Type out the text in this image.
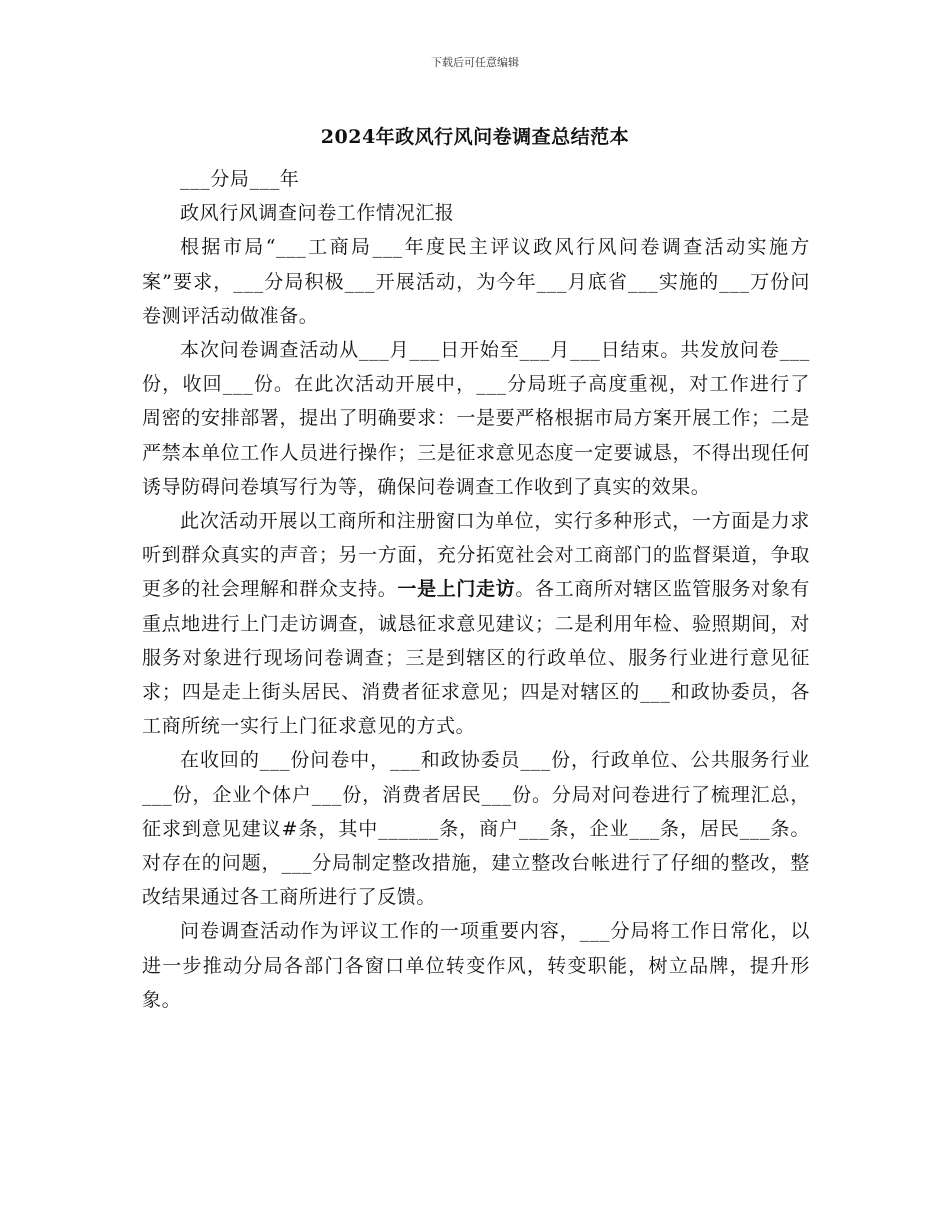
下载后可任意编辑
2024年政风行风问卷调查总结范本

___分局___年

政风行风调查问卷工作情况汇报

根据市局“___工商局___年度民主评议政风行风问卷调查活动实施方案”要求，___分局积极___开展活动，为今年___月底省___实施的___万份问卷测评活动做准备。

本次问卷调查活动从___月___日开始至___月___日结束。共发放问卷___份，收回___份。在此次活动开展中，___分局班子高度重视，对工作进行了周密的安排部署，提出了明确要求：一是要严格根据市局方案开展工作；二是严禁本单位工作人员进行操作；三是征求意见态度一定要诚恳，不得出现任何诱导防碍问卷填写行为等，确保问卷调查工作收到了真实的效果。

此次活动开展以工商所和注册窗口为单位，实行多种形式，一方面是力求听到群众真实的声音；另一方面，充分拓宽社会对工商部门的监督渠道，争取更多的社会理解和群众支持。一是上门走访。各工商所对辖区监管服务对象有重点地进行上门走访调查，诚恳征求意见建议；二是利用年检、验照期间，对服务对象进行现场问卷调查；三是到辖区的行政单位、服务行业进行意见征求；四是走上街头居民、消费者征求意见；四是对辖区的___和政协委员，各工商所统一实行上门征求意见的方式。

在收回的___份问卷中，___和政协委员___份，行政单位、公共服务行业___份，企业个体户___份，消费者居民___份。分局对问卷进行了梳理汇总，征求到意见建议#条，其中______条，商户___条，企业___条，居民___条。对存在的问题，___分局制定整改措施，建立整改台帐进行了仔细的整改，整改结果通过各工商所进行了反馈。

问卷调查活动作为评议工作的一项重要内容，___分局将工作日常化，以进一步推动分局各部门各窗口单位转变作风，转变职能，树立品牌，提升形象。
